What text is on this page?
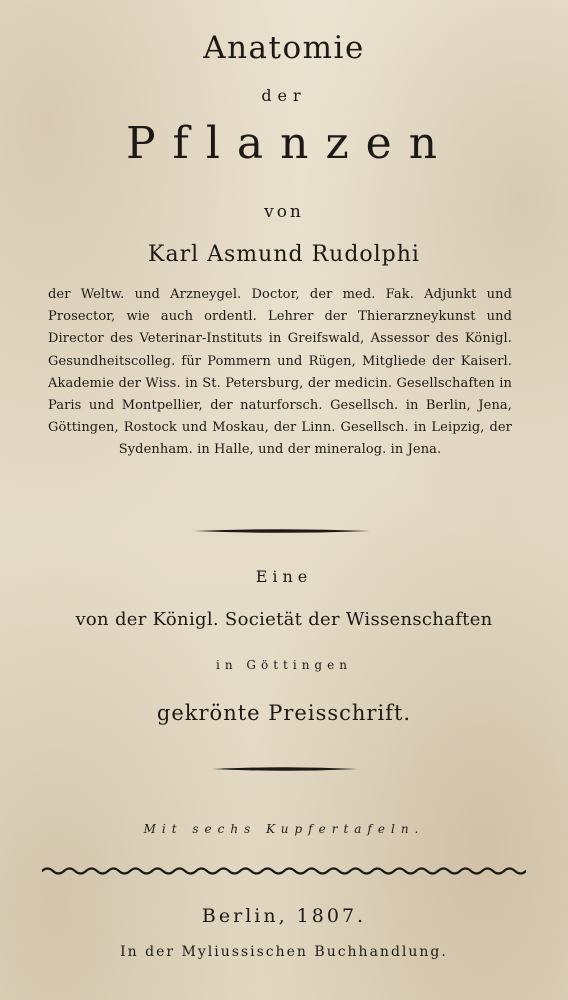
Anatomie
der
Pflanzen
von
Karl Asmund Rudolphi
der Weltw. und Arzneygel. Doctor, der med. Fak. Adjunkt und Prosector, wie auch ordentl. Lehrer der Thierarzneykunst und Director des Veterinar-Instituts in Greifswald, Assessor des Königl. Gesundheitscolleg. für Pommern und Rügen, Mitgliede der Kaiserl. Akademie der Wiss. in St. Petersburg, der medicin. Gesellschaften in Paris und Montpellier, der naturforsch. Gesellsch. in Berlin, Jena, Göttingen, Rostock und Moskau, der Linn. Gesellsch. in Leipzig, der Sydenham. in Halle, und der mineralog. in Jena.
Eine
von der Königl. Societät der Wissenschaften
in Göttingen
gekrönte Preisschrift.
Mit sechs Kupfertafeln.
Berlin, 1807.
In der Myliussischen Buchhandlung.
